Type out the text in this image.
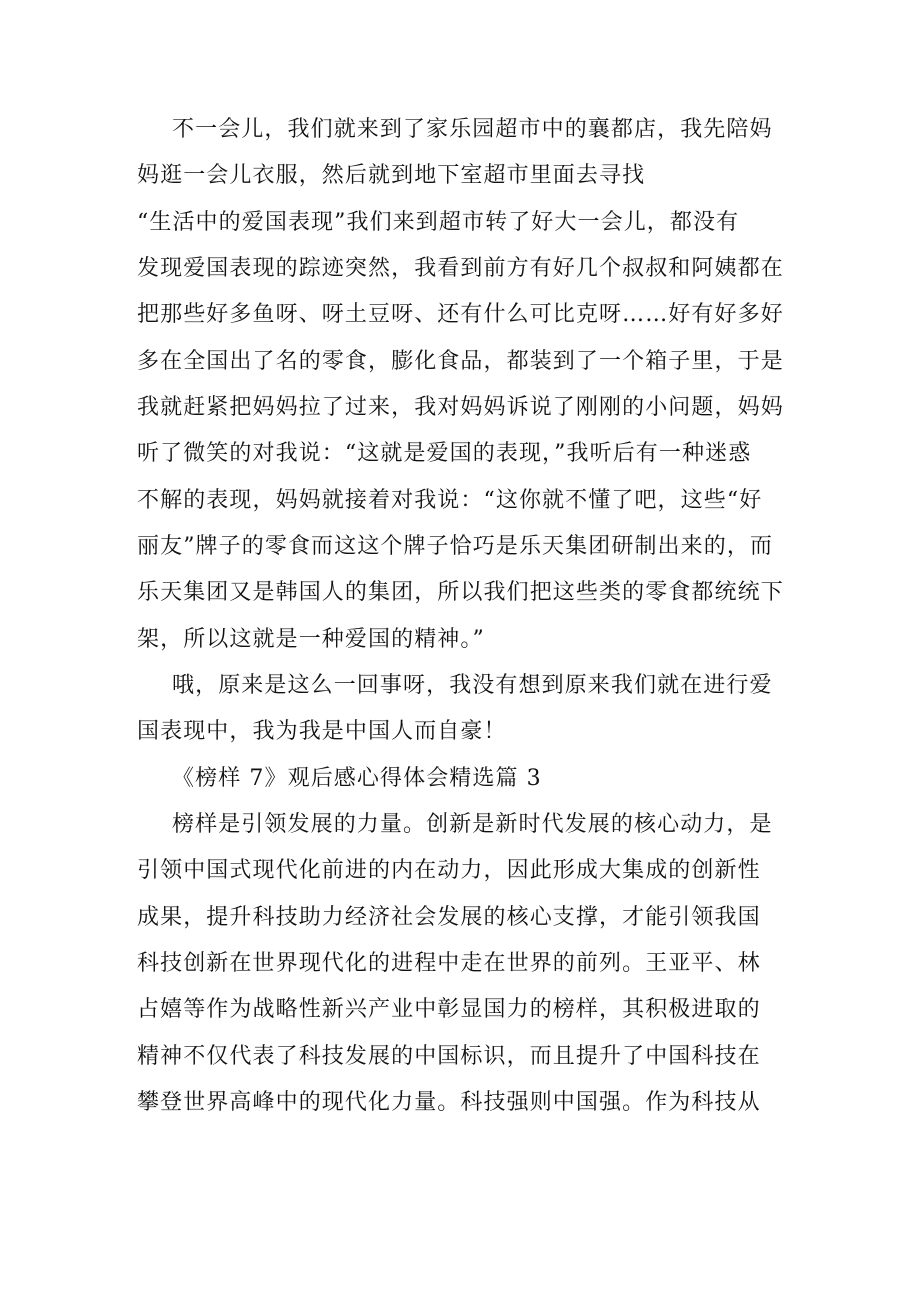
不一会儿，我们就来到了家乐园超市中的襄都店，我先陪妈
妈逛一会儿衣服，然后就到地下室超市里面去寻找
“生活中的爱国表现”我们来到超市转了好大一会儿，都没有
发现爱国表现的踪迹突然，我看到前方有好几个叔叔和阿姨都在
把那些好多鱼呀、呀土豆呀、还有什么可比克呀……好有好多好
多在全国出了名的零食，膨化食品，都装到了一个箱子里，于是
我就赶紧把妈妈拉了过来，我对妈妈诉说了刚刚的小问题，妈妈
听了微笑的对我说：“这就是爱国的表现，”我听后有一种迷惑
不解的表现，妈妈就接着对我说：“这你就不懂了吧，这些“好
丽友”牌子的零食而这这个牌子恰巧是乐天集团研制出来的，而
乐天集团又是韩国人的集团，所以我们把这些类的零食都统统下
架，所以这就是一种爱国的精神。”
哦，原来是这么一回事呀，我没有想到原来我们就在进行爱
国表现中，我为我是中国人而自豪！
《榜样 7》观后感心得体会精选篇 3
榜样是引领发展的力量。创新是新时代发展的核心动力，是
引领中国式现代化前进的内在动力，因此形成大集成的创新性
成果，提升科技助力经济社会发展的核心支撑，才能引领我国
科技创新在世界现代化的进程中走在世界的前列。王亚平、林
占嬉等作为战略性新兴产业中彰显国力的榜样，其积极进取的
精神不仅代表了科技发展的中国标识，而且提升了中国科技在
攀登世界高峰中的现代化力量。科技强则中国强。作为科技从
